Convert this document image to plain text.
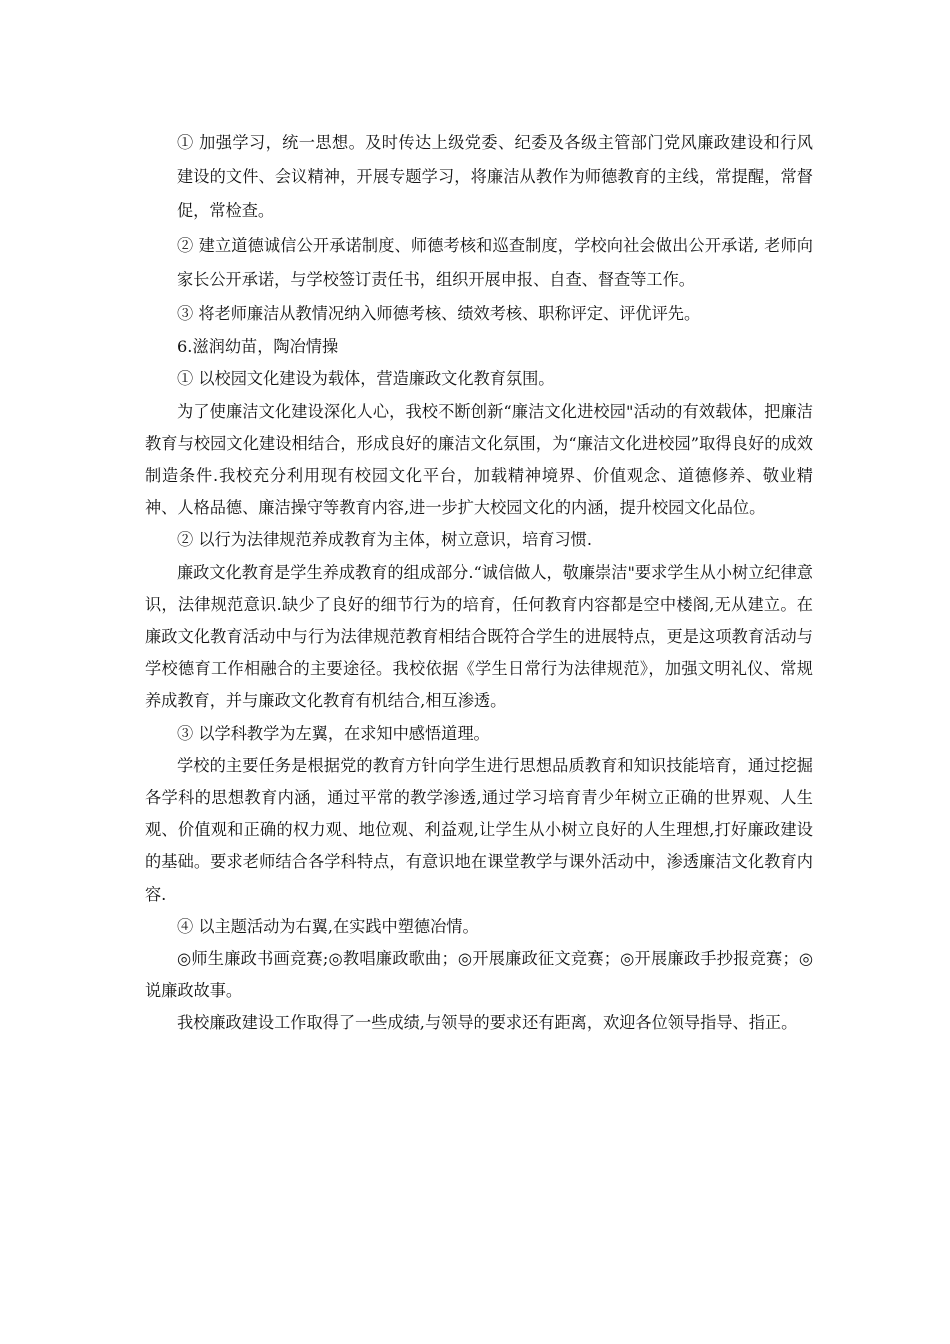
① 加强学习，统一思想。及时传达上级党委、纪委及各级主管部门党风廉政建设和行风建设的文件、会议精神，开展专题学习，将廉洁从教作为师德教育的主线，常提醒，常督促，常检查。

② 建立道德诚信公开承诺制度、师德考核和巡查制度，学校向社会做出公开承诺, 老师向家长公开承诺，与学校签订责任书，组织开展申报、自查、督查等工作。

③ 将老师廉洁从教情况纳入师德考核、绩效考核、职称评定、评优评先。

6.滋润幼苗，陶冶情操

① 以校园文化建设为载体，营造廉政文化教育氛围。

为了使廉洁文化建设深化人心，我校不断创新“廉洁文化进校园"活动的有效载体，把廉洁教育与校园文化建设相结合，形成良好的廉洁文化氛围，为“廉洁文化进校园”取得良好的成效制造条件.我校充分利用现有校园文化平台，加载精神境界、价值观念、道德修养、敬业精神、人格品德、廉洁操守等教育内容,进一步扩大校园文化的内涵，提升校园文化品位。

② 以行为法律规范养成教育为主体，树立意识，培育习惯.

廉政文化教育是学生养成教育的组成部分.“诚信做人，敬廉崇洁"要求学生从小树立纪律意识，法律规范意识.缺少了良好的细节行为的培育，任何教育内容都是空中楼阁,无从建立。在廉政文化教育活动中与行为法律规范教育相结合既符合学生的进展特点，更是这项教育活动与学校德育工作相融合的主要途径。我校依据《学生日常行为法律规范》，加强文明礼仪、常规养成教育，并与廉政文化教育有机结合,相互渗透。

③ 以学科教学为左翼，在求知中感悟道理。

学校的主要任务是根据党的教育方针向学生进行思想品质教育和知识技能培育，通过挖掘各学科的思想教育内涵，通过平常的教学渗透,通过学习培育青少年树立正确的世界观、人生观、价值观和正确的权力观、地位观、利益观,让学生从小树立良好的人生理想,打好廉政建设的基础。要求老师结合各学科特点，有意识地在课堂教学与课外活动中，渗透廉洁文化教育内容.

④ 以主题活动为右翼,在实践中塑德冶情。

◎师生廉政书画竞赛;◎教唱廉政歌曲；◎开展廉政征文竞赛；◎开展廉政手抄报竞赛；◎说廉政故事。

我校廉政建设工作取得了一些成绩,与领导的要求还有距离，欢迎各位领导指导、指正。
